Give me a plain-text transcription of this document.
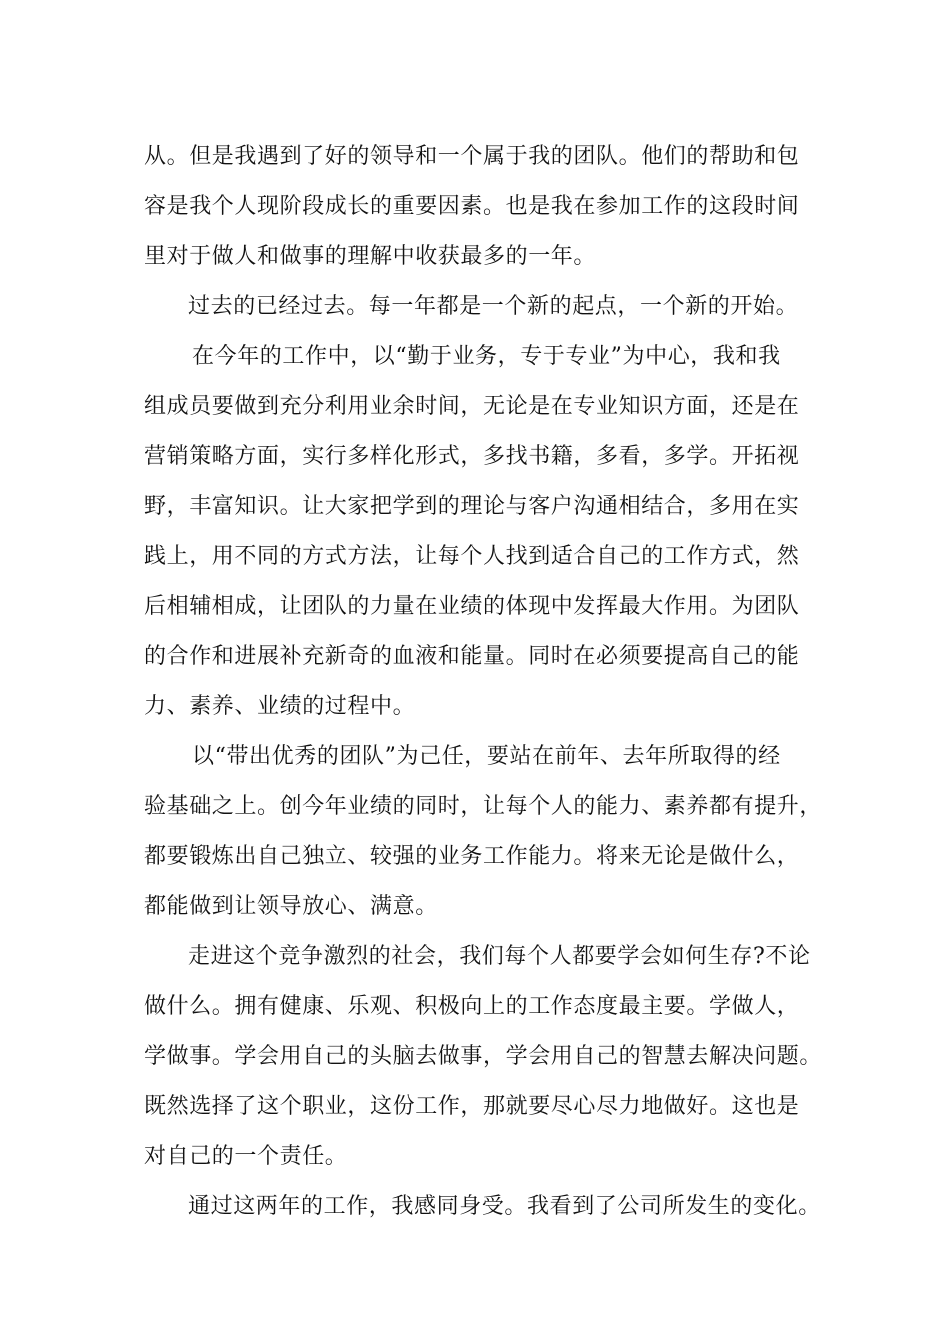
从。但是我遇到了好的领导和一个属于我的团队。他们的帮助和包
容是我个人现阶段成长的重要因素。也是我在参加工作的这段时间
里对于做人和做事的理解中收获最多的一年。
过去的已经过去。每一年都是一个新的起点，一个新的开始。
在今年的工作中，以“勤于业务，专于专业”为中心，我和我
组成员要做到充分利用业余时间，无论是在专业知识方面，还是在
营销策略方面，实行多样化形式，多找书籍，多看，多学。开拓视
野，丰富知识。让大家把学到的理论与客户沟通相结合，多用在实
践上，用不同的方式方法，让每个人找到适合自己的工作方式，然
后相辅相成，让团队的力量在业绩的体现中发挥最大作用。为团队
的合作和进展补充新奇的血液和能量。同时在必须要提高自己的能
力、素养、业绩的过程中。
以“带出优秀的团队”为己任，要站在前年、去年所取得的经
验基础之上。创今年业绩的同时，让每个人的能力、素养都有提升，
都要锻炼出自己独立、较强的业务工作能力。将来无论是做什么，
都能做到让领导放心、满意。
走进这个竞争激烈的社会，我们每个人都要学会如何生存?不论
做什么。拥有健康、乐观、积极向上的工作态度最主要。学做人，
学做事。学会用自己的头脑去做事，学会用自己的智慧去解决问题。
既然选择了这个职业，这份工作，那就要尽心尽力地做好。这也是
对自己的一个责任。
通过这两年的工作，我感同身受。我看到了公司所发生的变化。
